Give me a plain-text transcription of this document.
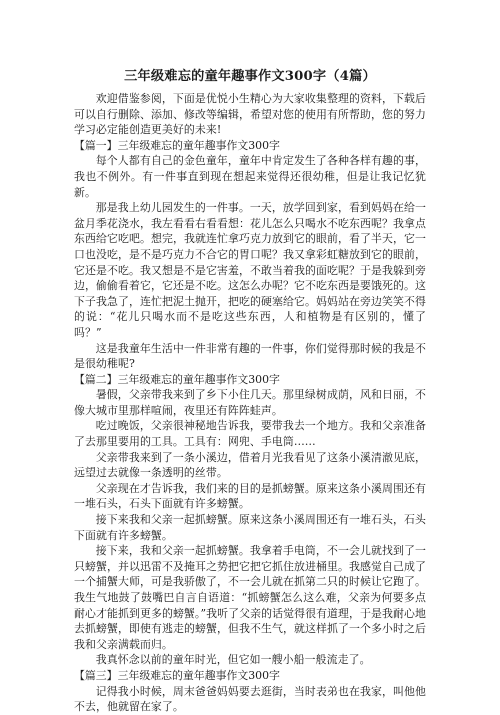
三年级难忘的童年趣事作文300字（4篇）

欢迎借鉴参阅，下面是优悦小生精心为大家收集整理的资料，下载后可以自行删除、添加、修改等编辑，希望对您的使用有所帮助，您的努力学习必定能创造更美好的未来!

【篇一】三年级难忘的童年趣事作文300字

每个人都有自己的金色童年，童年中肯定发生了各种各样有趣的事，我也不例外。有一件事直到现在想起来觉得还很幼稚，但是让我记忆犹新。

那是我上幼儿园发生的一件事。一天，放学回到家，看到妈妈在给一盆月季花浇水，我左看看右看看想：花儿怎么只喝水不吃东西呢？我拿点东西给它吃吧。想完，我就连忙拿巧克力放到它的眼前，看了半天，它一口也没吃，是不是巧克力不合它的胃口呢？我又拿彩虹糖放到它的眼前，它还是不吃。我又想是不是它害羞，不敢当着我的面吃呢？于是我躲到旁边，偷偷看着它，它还是不吃。这怎么办呢？它不吃东西是要饿死的。这下子我急了，连忙把泥土抛开，把吃的硬塞给它。妈妈站在旁边笑笑不得的说：“花儿只喝水而不是吃这些东西，人和植物是有区别的，懂了吗？”

这是我童年生活中一件非常有趣的一件事，你们觉得那时候的我是不是很幼稚呢?

【篇二】三年级难忘的童年趣事作文300字

暑假，父亲带我来到了乡下小住几天。那里绿树成荫，风和日丽，不像大城市里那样喧闹，夜里还有阵阵蛙声。

吃过晚饭，父亲很神秘地告诉我，要带我去一个地方。我和父亲准备了去那里要用的工具。工具有：网兜、手电筒……

父亲带我来到了一条小溪边，借着月光我看见了这条小溪清澈见底，远望过去就像一条透明的丝带。

父亲现在才告诉我，我们来的目的是抓螃蟹。原来这条小溪周围还有一堆石头，石头下面就有许多螃蟹。

接下来我和父亲一起抓螃蟹。原来这条小溪周围还有一堆石头，石头下面就有许多螃蟹。

接下来，我和父亲一起抓螃蟹。我拿着手电筒，不一会儿就找到了一只螃蟹，并以迅雷不及掩耳之势把它把它抓住放进桶里。我感觉自己成了一个捕蟹大师，可是我骄傲了，不一会儿就在抓第二只的时候让它跑了。我生气地鼓了鼓嘴巴自言自语道：“抓螃蟹怎么这么难，父亲为何要多点耐心才能抓到更多的螃蟹。”我听了父亲的话觉得很有道理，于是我耐心地去抓螃蟹，即使有逃走的螃蟹，但我不生气，就这样抓了一个多小时之后我和父亲满载而归。

我真怀念以前的童年时光，但它如一艘小船一般流走了。

【篇三】三年级难忘的童年趣事作文300字

记得我小时候，周末爸爸妈妈要去逛街，当时表弟也在我家，叫他他不去，他就留在家了。
